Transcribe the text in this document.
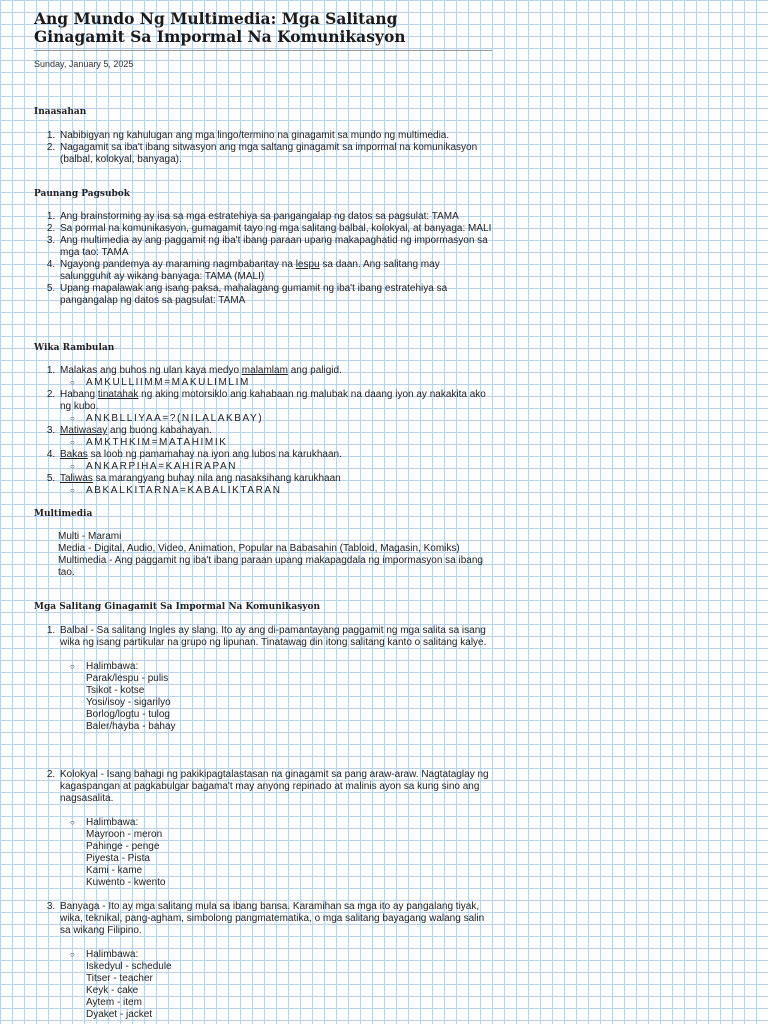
Ang Mundo Ng Multimedia: Mga Salitang Ginagamit Sa Impormal Na Komunikasyon
Sunday, January 5, 2025
Inaasahan
1. Nabibigyan ng kahulugan ang mga lingo/termino na ginagamit sa mundo ng multimedia.
2. Nagagamit sa iba't ibang sitwasyon ang mga saltang ginagamit sa impormal na komunikasyon (balbal, kolokyal, banyaga).
Paunang Pagsubok
1. Ang brainstorming ay isa sa mga estratehiya sa pangangalap ng datos sa pagsulat: TAMA
2. Sa pormal na komunikasyon, gumagamit tayo ng mga salitang balbal, kolokyal, at banyaga: MALI
3. Ang multimedia ay ang paggamit ng iba't ibang paraan upang makapaghatid ng impormasyon sa mga tao: TAMA
4. Ngayong pandemya ay maraming nagmbabantay na lespu sa daan. Ang salitang may salungguhit ay wikang banyaga: TAMA (MALI)
5. Upang mapalawak ang isang paksa, mahalagang gumamit ng iba't ibang estratehiya sa pangangalap ng datos sa pagsulat: TAMA
Wika Rambulan
1. Malakas ang buhos ng ulan kaya medyo malamlam ang paligid.
○ AMKULLIIMM=MAKULIMLIM
2. Habang tinatahak ng aking motorsiklo ang kahabaan ng malubak na daang iyon ay nakakita ako ng kubo.
○ ANKBLLIYAA=?(NILALAKBAY)
3. Matiwasay ang buong kabahayan.
○ AMKTHKIM=MATAHIMIK
4. Bakas sa loob ng pamamahay na iyon ang lubos na karukhaan.
○ ANKARPIHA=KAHIRAPAN
5. Taliwas sa marangyang buhay nila ang nasaksihang karukhaan
○ ABKALKITARNA=KABALIKTARAN
Multimedia

Multi - Marami

Media - Digital, Audio, Video, Animation, Popular na Babasahin (Tabloid, Magasin, Komiks)

Multimedia - Ang paggamit ng iba't ibang paraan upang makapagdala ng impormasyon sa ibang tao.

Mga Salitang Ginagamit Sa Impormal Na Komunikasyon
1. Balbal - Sa salitang Ingles ay slang. Ito ay ang di-pamantayang paggamit ng mga salita sa isang wika ng isang partikular na grupo ng lipunan. Tinatawag din itong salitang kanto o salitang kalye.
○ Halimbawa:
Parak/lespu - pulis
Tsikot - kotse
Yosi/isoy - sigarilyo
Borlog/logtu - tulog
Baler/hayba - bahay
2. Kolokyal - Isang bahagi ng pakikipagtalastasan na ginagamit sa pang araw-araw. Nagtataglay ng kagaspangan at pagkabulgar bagama't may anyong repinado at malinis ayon sa kung sino ang nagsasalita.
○ Halimbawa:
Mayroon - meron
Pahinge - penge
Piyesta - Pista
Kami - kame
Kuwento - kwento
3. Banyaga - Ito ay mga salitang mula sa ibang bansa. Karamihan sa mga ito ay pangalang tiyak, wika, teknikal, pang-agham, simbolong pangmatematika, o mga salitang bayagang walang salin sa wikang Filipino.
○ Halimbawa:
Iskedyul - schedule
Titser - teacher
Keyk - cake
Aytem - item
Dyaket - jacket
